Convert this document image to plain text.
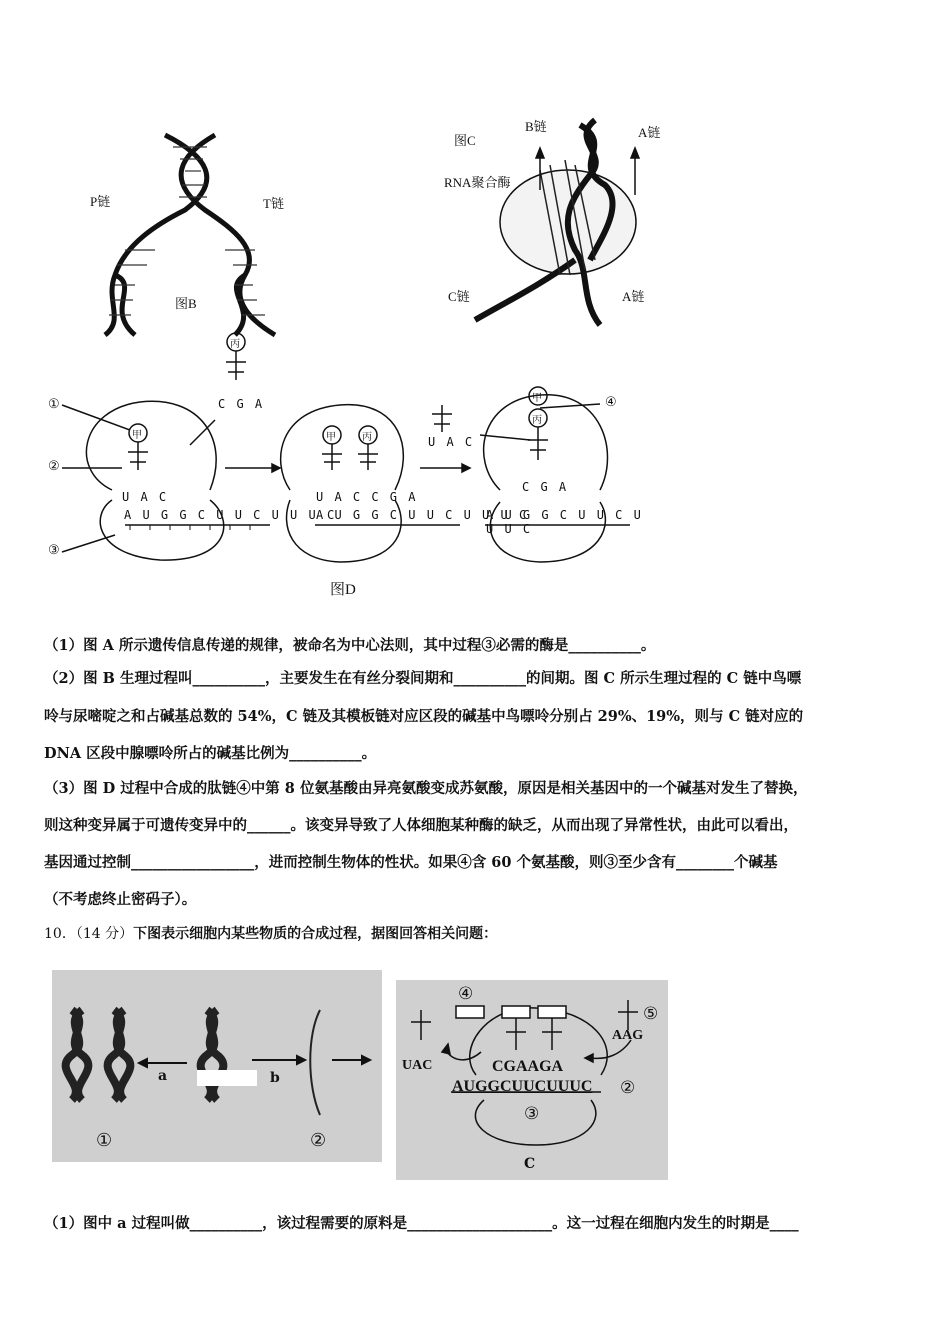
P链	T链
图B
图C
B链	A链
RNA聚合酶
C链	A链
①
②
③
④
甲
丙
甲	丙
甲
丙
C G A
U A C
U A C	U A C C G A
C G A
A U G G C U U C U U U C
A U G G C U U C U U U C
A U G G C U U C U U U C
图D
（1）图 A 所示遗传信息传递的规律，被命名为中心法则，其中过程③必需的酶是__________。
（2）图 B 生理过程叫__________，主要发生在有丝分裂间期和__________的间期。图 C 所示生理过程的 C 链中鸟嘌
呤与尿嘧啶之和占碱基总数的 54%，C 链及其模板链对应区段的碱基中鸟嘌呤分别占 29%、19%，则与 C 链对应的
DNA 区段中腺嘌呤所占的碱基比例为__________。
（3）图 D 过程中合成的肽链④中第 8 位氨基酸由异亮氨酸变成苏氨酸，原因是相关基因中的一个碱基对发生了替换，
则这种变异属于可遗传变异中的______。该变异导致了人体细胞某种酶的缺乏，从而出现了异常性状，由此可以看出，
基因通过控制_________________，进而控制生物体的性状。如果④含 60 个氨基酸，则③至少含有________个碱基
（不考虑终止密码子）。
10．（14 分）下图表示细胞内某些物质的合成过程，据图回答相关问题：
a	b
①	②
④
⑤
UAC
AAG
CGAAGA
AUGGCUUCUUUC ②
③
C
（1）图中 a 过程叫做__________，该过程需要的原料是____________________。这一过程在细胞内发生的时期是____
